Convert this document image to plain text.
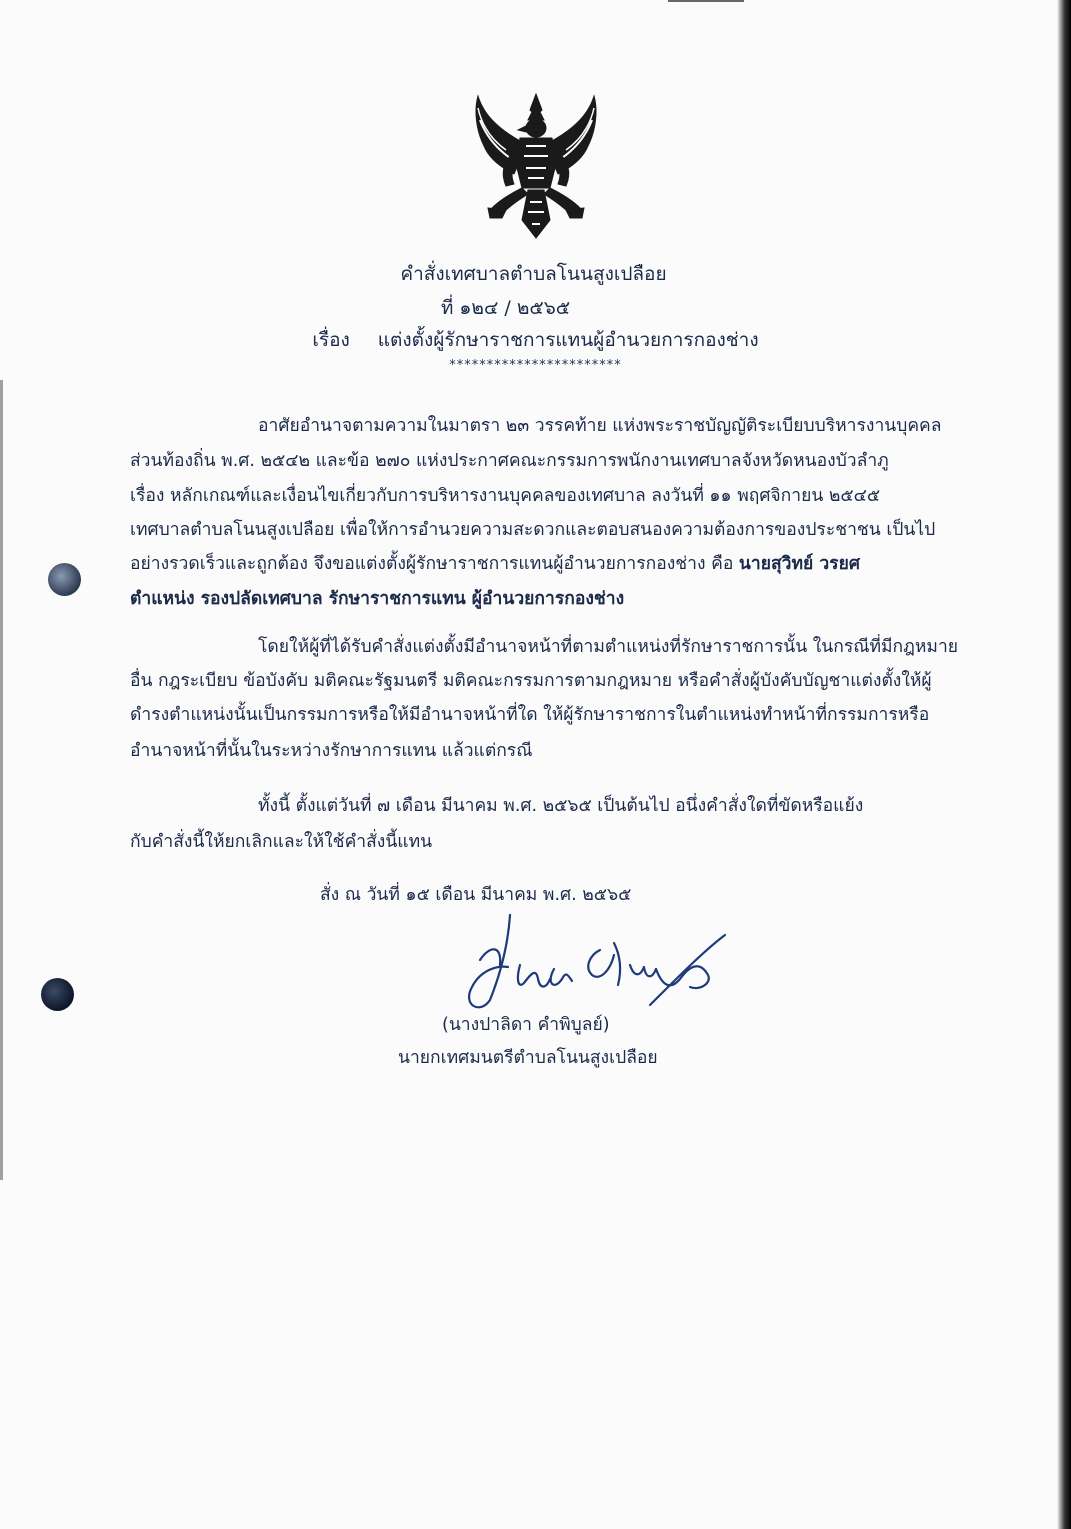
คำสั่งเทศบาลตำบลโนนสูงเปลือย
ที่ ๑๒๔ / ๒๕๖๕
เรื่อง แต่งตั้งผู้รักษาราชการแทนผู้อำนวยการกองช่าง
***********************
อาศัยอำนาจตามความในมาตรา ๒๓ วรรคท้าย แห่งพระราชบัญญัติระเบียบบริหารงานบุคคล
ส่วนท้องถิ่น พ.ศ. ๒๕๔๒ และข้อ ๒๗๐ แห่งประกาศคณะกรรมการพนักงานเทศบาลจังหวัดหนองบัวลำภู
เรื่อง หลักเกณฑ์และเงื่อนไขเกี่ยวกับการบริหารงานบุคคลของเทศบาล ลงวันที่ ๑๑ พฤศจิกายน ๒๕๔๕
เทศบาลตำบลโนนสูงเปลือย เพื่อให้การอำนวยความสะดวกและตอบสนองความต้องการของประชาชน เป็นไป
อย่างรวดเร็วและถูกต้อง จึงขอแต่งตั้งผู้รักษาราชการแทนผู้อำนวยการกองช่าง คือ นายสุวิทย์ วรยศ
ตำแหน่ง รองปลัดเทศบาล รักษาราชการแทน ผู้อำนวยการกองช่าง
โดยให้ผู้ที่ได้รับคำสั่งแต่งตั้งมีอำนาจหน้าที่ตามตำแหน่งที่รักษาราชการนั้น ในกรณีที่มีกฎหมาย
อื่น กฎระเบียบ ข้อบังคับ มติคณะรัฐมนตรี มติคณะกรรมการตามกฎหมาย หรือคำสั่งผู้บังคับบัญชาแต่งตั้งให้ผู้
ดำรงตำแหน่งนั้นเป็นกรรมการหรือให้มีอำนาจหน้าที่ใด ให้ผู้รักษาราชการในตำแหน่งทำหน้าที่กรรมการหรือ
อำนาจหน้าที่นั้นในระหว่างรักษาการแทน แล้วแต่กรณี
ทั้งนี้ ตั้งแต่วันที่ ๗ เดือน มีนาคม พ.ศ. ๒๕๖๕ เป็นต้นไป อนึ่งคำสั่งใดที่ขัดหรือแย้ง
กับคำสั่งนี้ให้ยกเลิกและให้ใช้คำสั่งนี้แทน
สั่ง ณ วันที่ ๑๕ เดือน มีนาคม พ.ศ. ๒๕๖๕
(นางปาลิดา คำพิบูลย์)
นายกเทศมนตรีตำบลโนนสูงเปลือย
